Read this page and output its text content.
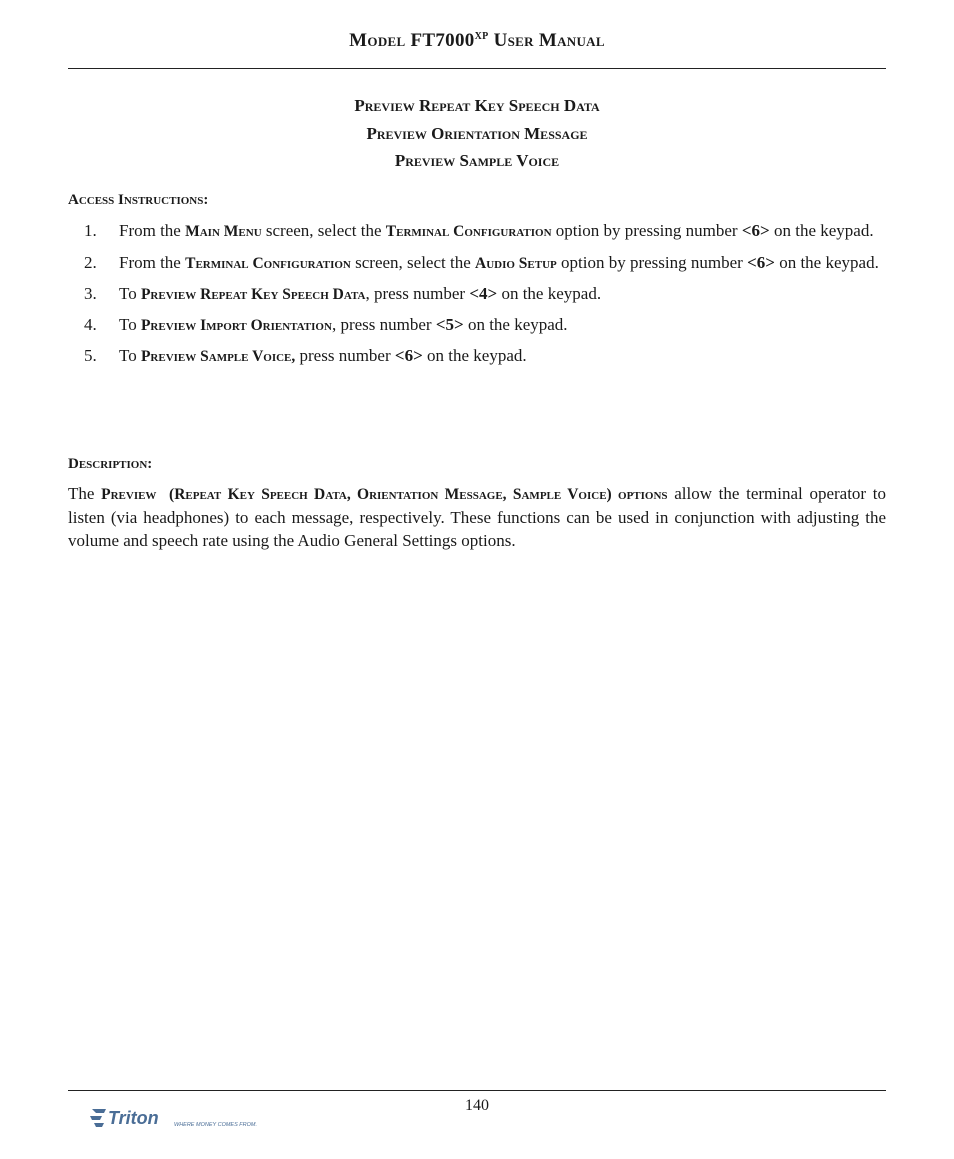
Model $FT7000^{XP}$ User Manual
Preview Repeat Key Speech Data
Preview Orientation Message
Preview Sample Voice
Access Instructions:
1. From the Main Menu screen, select the Terminal Configuration option by pressing number <6> on the keypad.
2. From the Terminal Configuration screen, select the Audio Setup option by pressing number <6> on the keypad.
3. To Preview Repeat Key Speech Data, press number <4> on the keypad.
4. To Preview Import Orientation, press number <5> on the keypad.
5. To Preview Sample Voice, press number <6> on the keypad.
Description:

The Preview  (Repeat Key Speech Data, Orientation Message, Sample Voice) options allow the terminal operator to listen (via headphones) to each message, respectively. These functions can be used in conjunction with adjusting the volume and speech rate using the Audio General Settings options.

140
Triton	WHERE MONEY COMES FROM.
